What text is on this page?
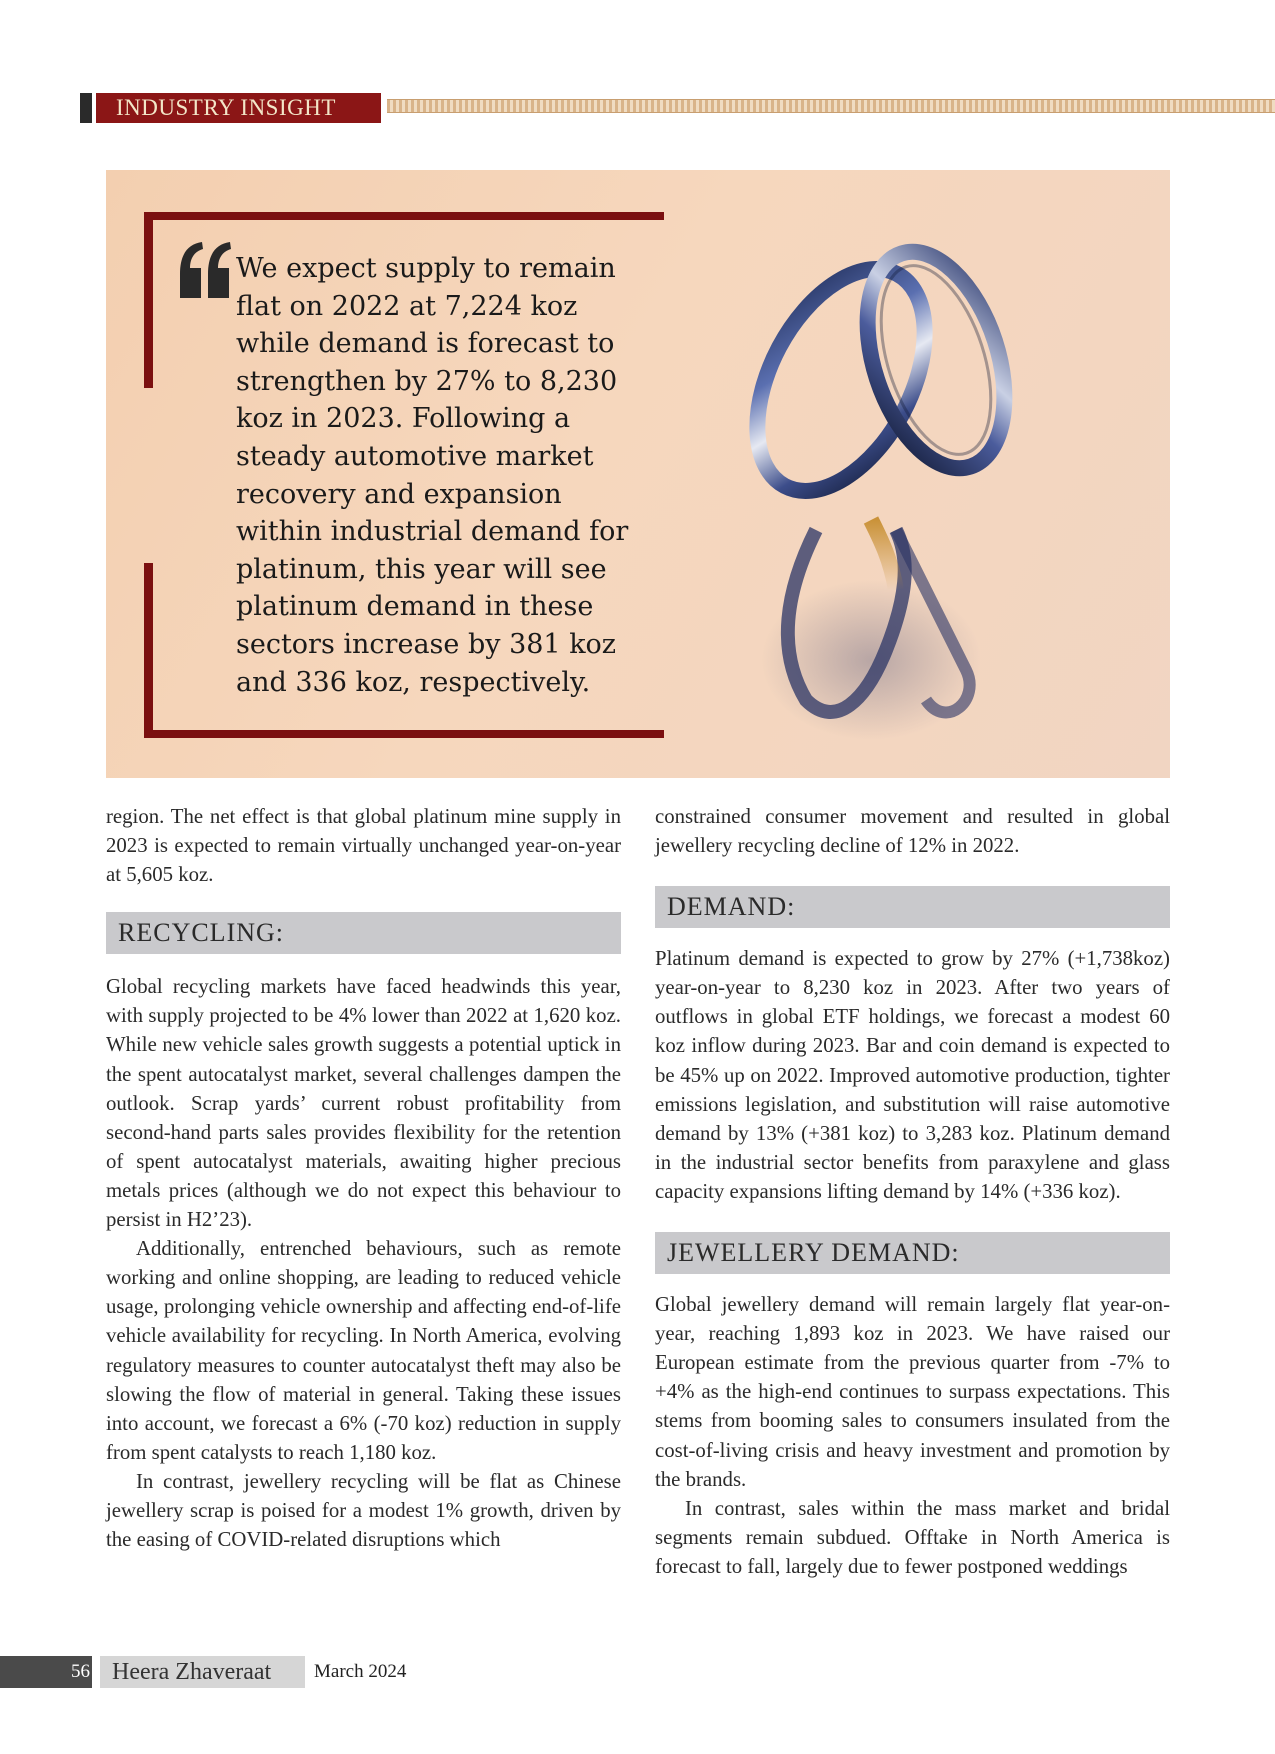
INDUSTRY INSIGHT

We expect supply to remain flat on 2022 at 7,224 koz while demand is forecast to strengthen by 27% to 8,230 koz in 2023. Following a steady automotive market recovery and expansion within industrial demand for platinum, this year will see platinum demand in these sectors increase by 381 koz and 336 koz, respectively.

region. The net effect is that global platinum mine supply in 2023 is expected to remain virtually unchanged year-on-year at 5,605 koz.

RECYCLING:

Global recycling markets have faced headwinds this year, with supply projected to be 4% lower than 2022 at 1,620 koz. While new vehicle sales growth suggests a potential uptick in the spent autocatalyst market, several challenges dampen the outlook. Scrap yards’ current robust profitability from second-hand parts sales provides flexibility for the retention of spent autocatalyst materials, awaiting higher precious metals prices (although we do not expect this behaviour to persist in H2’23).

Additionally, entrenched behaviours, such as remote working and online shopping, are leading to reduced vehicle usage, prolonging vehicle ownership and affecting end-of-life vehicle availability for recycling. In North America, evolving regulatory measures to counter autocatalyst theft may also be slowing the flow of material in general. Taking these issues into account, we forecast a 6% (-70 koz) reduction in supply from spent catalysts to reach 1,180 koz.

In contrast, jewellery recycling will be flat as Chinese jewellery scrap is poised for a modest 1% growth, driven by the easing of COVID-related disruptions which

constrained consumer movement and resulted in global jewellery recycling decline of 12% in 2022.

DEMAND:

Platinum demand is expected to grow by 27% (+1,738koz) year-on-year to 8,230 koz in 2023. After two years of outflows in global ETF holdings, we forecast a modest 60 koz inflow during 2023. Bar and coin demand is expected to be 45% up on 2022. Improved automotive production, tighter emissions legislation, and substitution will raise automotive demand by 13% (+381 koz) to 3,283 koz. Platinum demand in the industrial sector benefits from paraxylene and glass capacity expansions lifting demand by 14% (+336 koz).

JEWELLERY DEMAND:

Global jewellery demand will remain largely flat year-on-year, reaching 1,893 koz in 2023. We have raised our European estimate from the previous quarter from -7% to +4% as the high-end continues to surpass expectations. This stems from booming sales to consumers insulated from the cost-of-living crisis and heavy investment and promotion by the brands.

In contrast, sales within the mass market and bridal segments remain subdued. Offtake in North America is forecast to fall, largely due to fewer postponed weddings

56 Heera Zhaveraat	March 2024
